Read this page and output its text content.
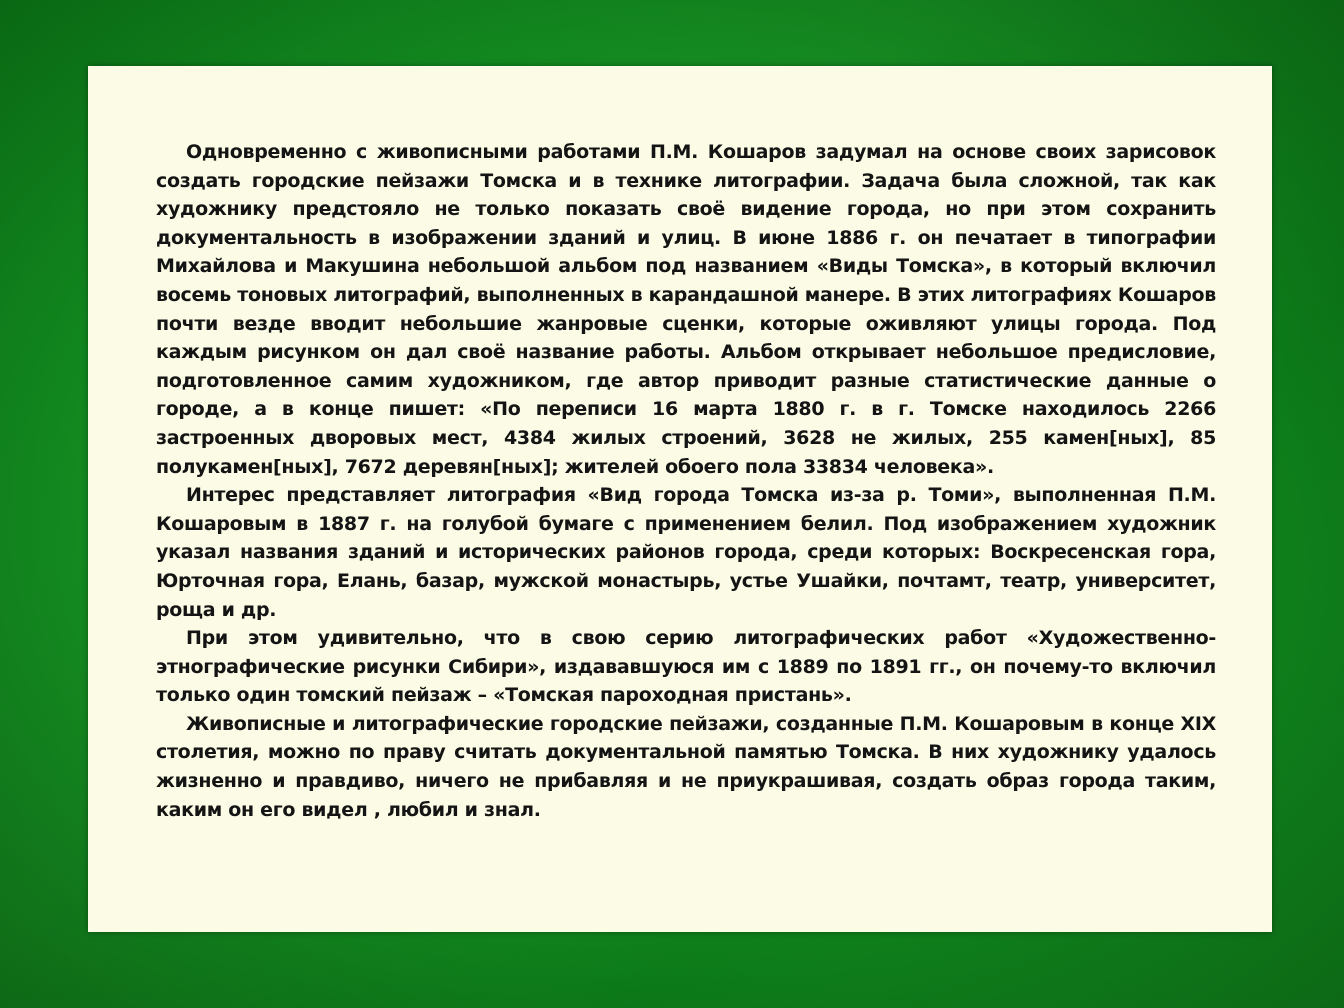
Одновременно с живописными работами П.М. Кошаров задумал на основе своих зарисовок создать городские пейзажи Томска и в технике литографии. Задача была сложной, так как художнику предстояло не только показать своё видение города, но при этом сохранить документальность в изображении зданий и улиц. В июне 1886 г. он печатает в типографии Михайлова и Макушина небольшой альбом под названием «Виды Томска», в который включил восемь тоновых литографий, выполненных в карандашной манере. В этих литографиях Кошаров почти везде вводит небольшие жанровые сценки, которые оживляют улицы города. Под каждым рисунком он дал своё название работы. Альбом открывает небольшое предисловие, подготовленное самим художником, где автор приводит разные статистические данные о городе, а в конце пишет: «По переписи 16 марта 1880 г. в г. Томске находилось 2266 застроенных дворовых мест, 4384 жилых строений, 3628 не жилых, 255 камен[ных], 85 полукамен[ных], 7672 деревян[ных]; жителей обоего пола 33834 человека».

Интерес представляет литография «Вид города Томска из-за р. Томи», выполненная П.М. Кошаровым в 1887 г. на голубой бумаге с применением белил. Под изображением художник указал названия зданий и исторических районов города, среди которых: Воскресенская гора, Юрточная гора, Елань, базар, мужской монастырь, устье Ушайки, почтамт, театр, университет, роща и др.

При этом удивительно, что в свою серию литографических работ «Художественно-этнографические рисунки Сибири», издававшуюся им с 1889 по 1891 гг., он почему-то включил только один томский пейзаж – «Томская пароходная пристань».

Живописные и литографические городские пейзажи, созданные П.М. Кошаровым в конце XIX столетия, можно по праву считать документальной памятью Томска. В них художнику удалось жизненно и правдиво, ничего не прибавляя и не приукрашивая, создать образ города таким, каким он его видел , любил и знал.
